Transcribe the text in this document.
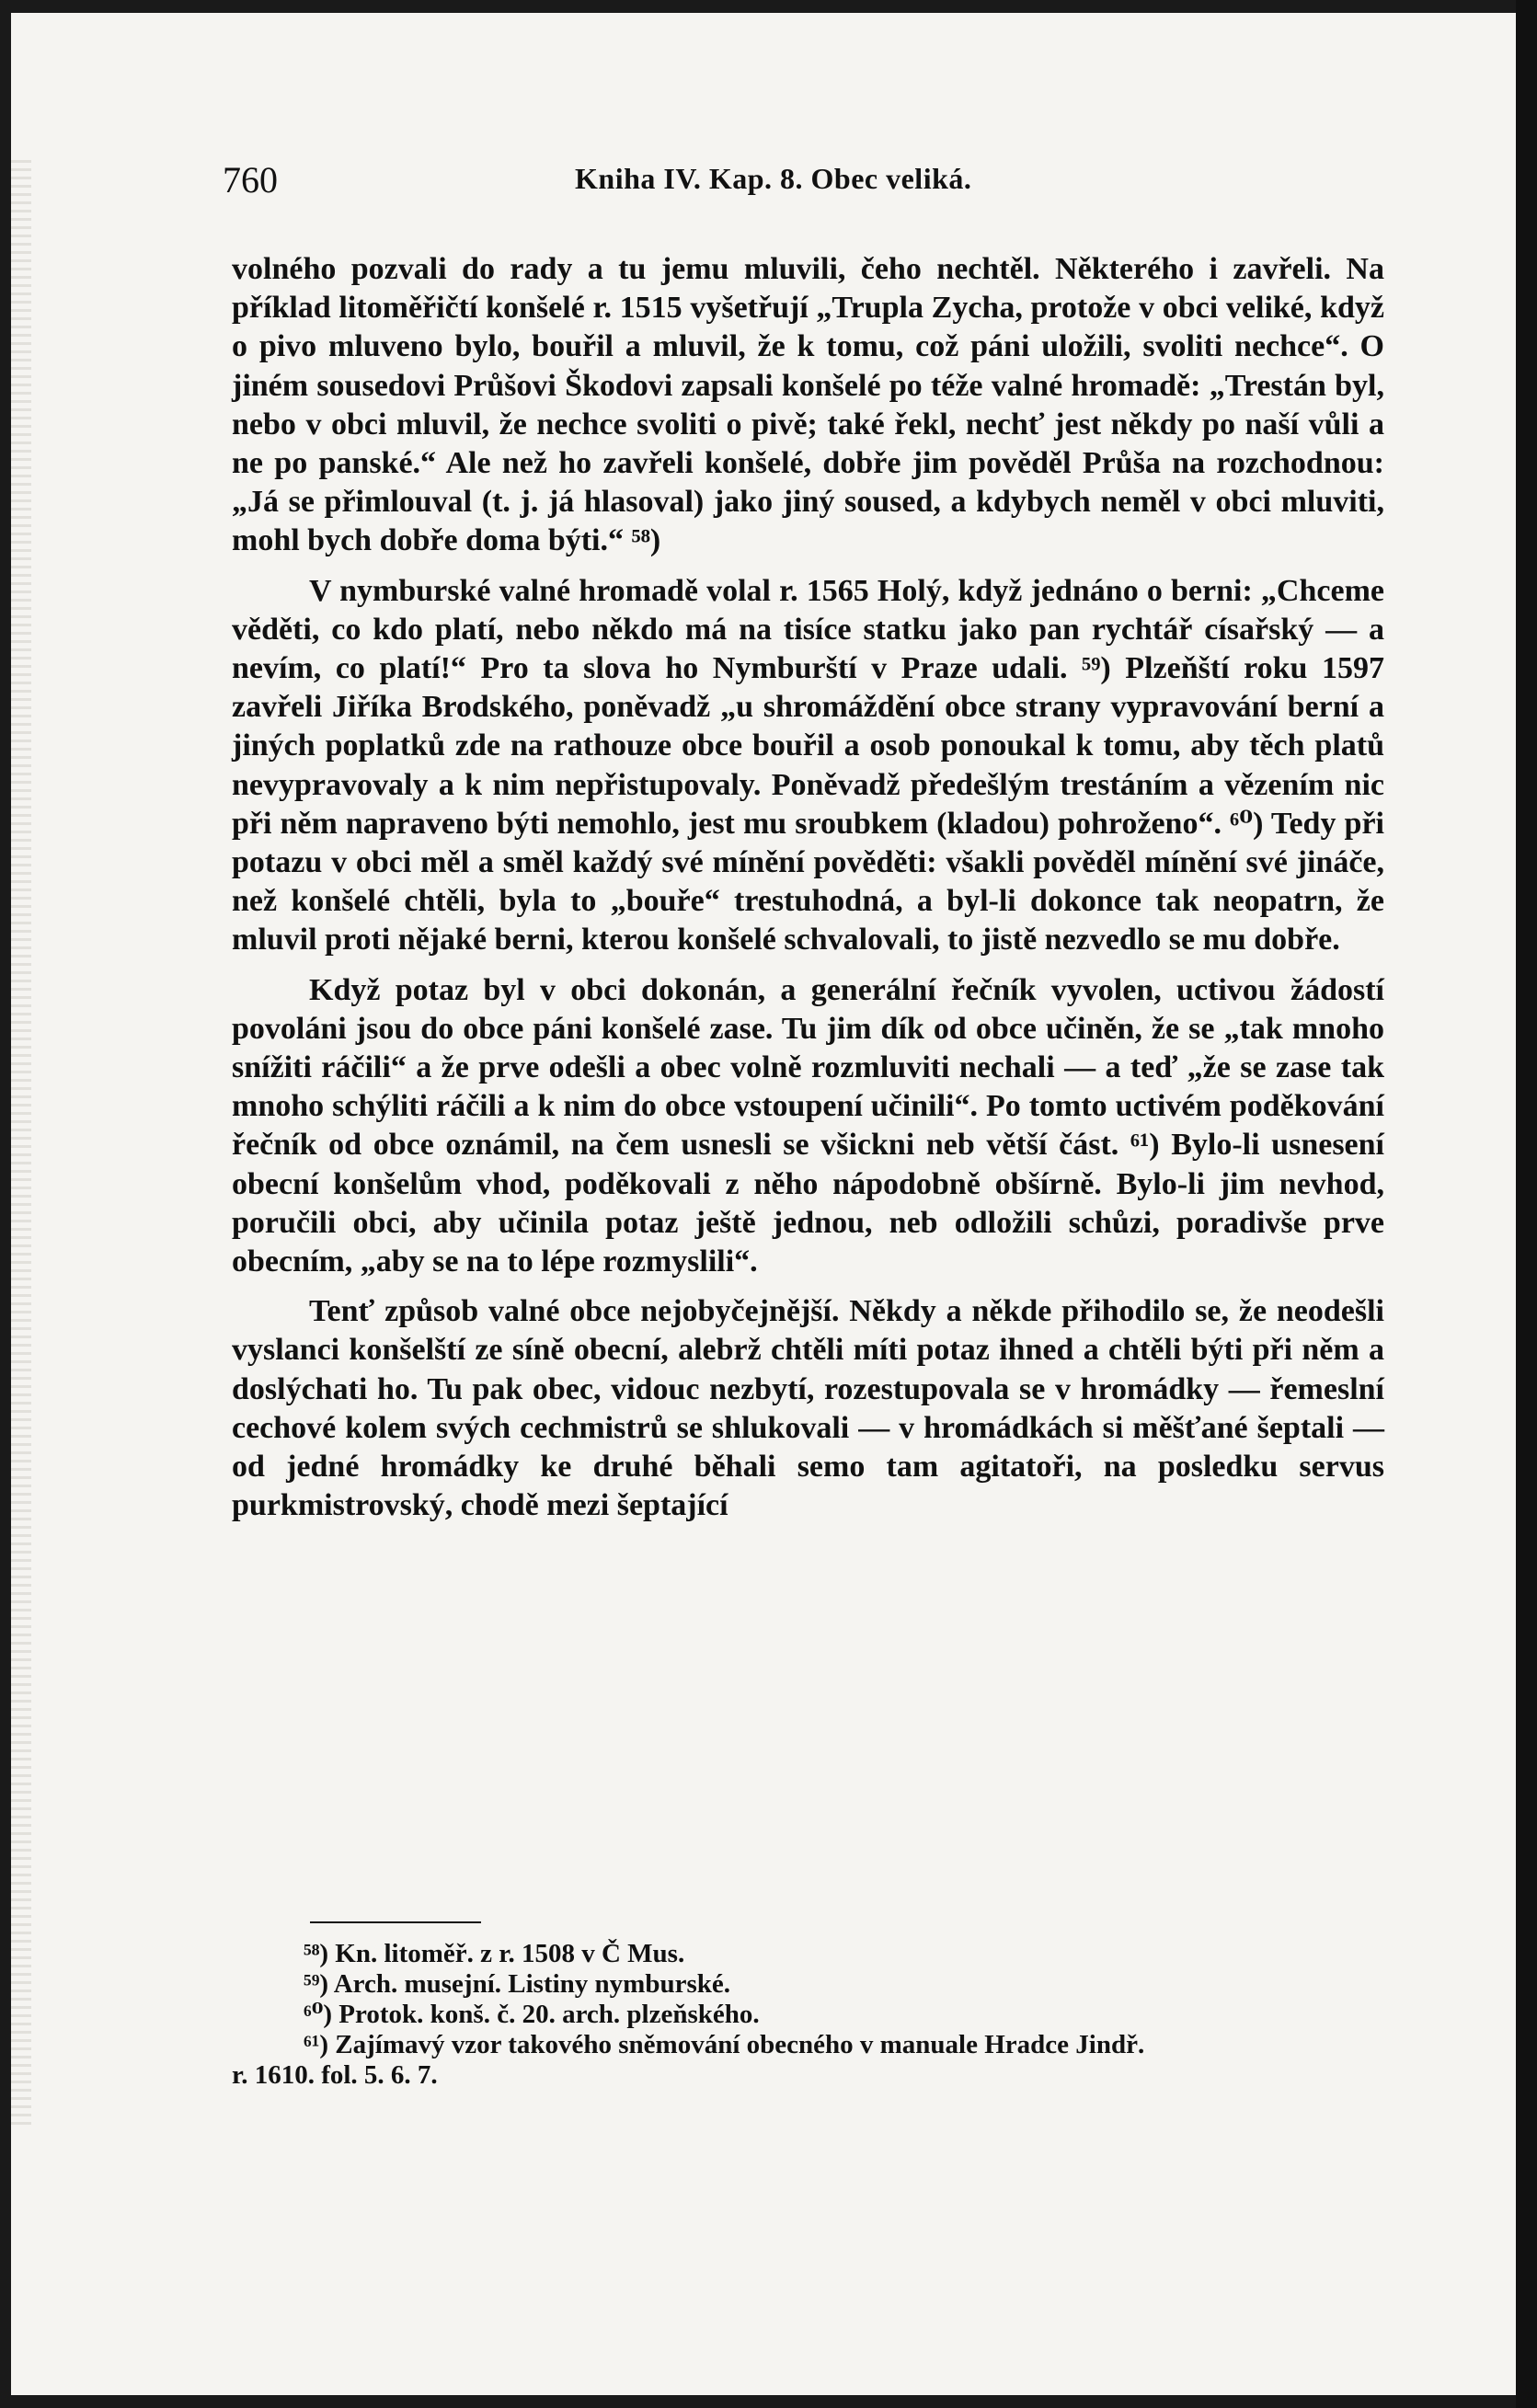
760	Kniha IV. Kap. 8. Obec veliká.

volného pozvali do rady a tu jemu mluvili, čeho nechtěl. Některého i zavřeli. Na příklad litoměřičtí konšelé r. 1515 vyšetřují „Trupla Zycha, protože v obci veliké, když o pivo mluveno bylo, bouřil a mluvil, že k tomu, což páni uložili, svoliti nechce“. O jiném sousedovi Průšovi Škodovi zapsali konšelé po téže valné hromadě: „Trestán byl, nebo v obci mluvil, že nechce svoliti o pivě; také řekl, nechť jest někdy po naší vůli a ne po panské.“ Ale než ho zavřeli konšelé, dobře jim pověděl Průša na rozchodnou: „Já se přimlouval (t. j. já hlasoval) jako jiný soused, a kdybych neměl v obci mluviti, mohl bych dobře doma býti.“ ⁵⁸)

V nymburské valné hromadě volal r. 1565 Holý, když jednáno o berni: „Chceme věděti, co kdo platí, nebo někdo má na tisíce statku jako pan rychtář císařský — a nevím, co platí!“ Pro ta slova ho Nymburští v Praze udali. ⁵⁹) Plzeňští roku 1597 zavřeli Jiříka Brodského, poněvadž „u shromáždění obce strany vypravování berní a jiných poplatků zde na rathouze obce bouřil a osob ponoukal k tomu, aby těch platů nevypravovaly a k nim nepřistupovaly. Poněvadž předešlým trestáním a vězením nic při něm napraveno býti nemohlo, jest mu sroubkem (kladou) pohroženo“. ⁶⁰) Tedy při potazu v obci měl a směl každý své mínění pověděti: všakli pověděl mínění své jináče, než konšelé chtěli, byla to „bouře“ trestuhodná, a byl-li dokonce tak neopatrn, že mluvil proti nějaké berni, kterou konšelé schvalovali, to jistě nezvedlo se mu dobře.

Když potaz byl v obci dokonán, a generální řečník vyvolen, uctivou žádostí povoláni jsou do obce páni konšelé zase. Tu jim dík od obce učiněn, že se „tak mnoho snížiti ráčili“ a že prve odešli a obec volně rozmluviti nechali — a teď „že se zase tak mnoho schýliti ráčili a k nim do obce vstoupení učinili“. Po tomto uctivém poděkování řečník od obce oznámil, na čem usnesli se všickni neb větší část. ⁶¹) Bylo-li usnesení obecní konšelům vhod, poděkovali z něho nápodobně obšírně. Bylo-li jim nevhod, poručili obci, aby učinila potaz ještě jednou, neb odložili schůzi, poradivše prve obecním, „aby se na to lépe rozmyslili“.

Tenť způsob valné obce nejobyčejnější. Někdy a někde přihodilo se, že neodešli vyslanci konšelští ze síně obecní, alebrž chtěli míti potaz ihned a chtěli býti při něm a doslýchati ho. Tu pak obec, vidouc nezbytí, rozestupovala se v hromádky — řemeslní cechové kolem svých cechmistrů se shlukovali — v hromádkách si měšťané šeptali — od jedné hromádky ke druhé běhali semo tam agitatoři, na posledku servus purkmistrovský, chodě mezi šeptající

⁵⁸) Kn. litoměř. z r. 1508 v Č Mus.
⁵⁹) Arch. musejní. Listiny nymburské.
⁶⁰) Protok. konš. č. 20. arch. plzeňského.
⁶¹) Zajímavý vzor takového sněmování obecného v manuale Hradce Jindř.
r. 1610. fol. 5. 6. 7.
